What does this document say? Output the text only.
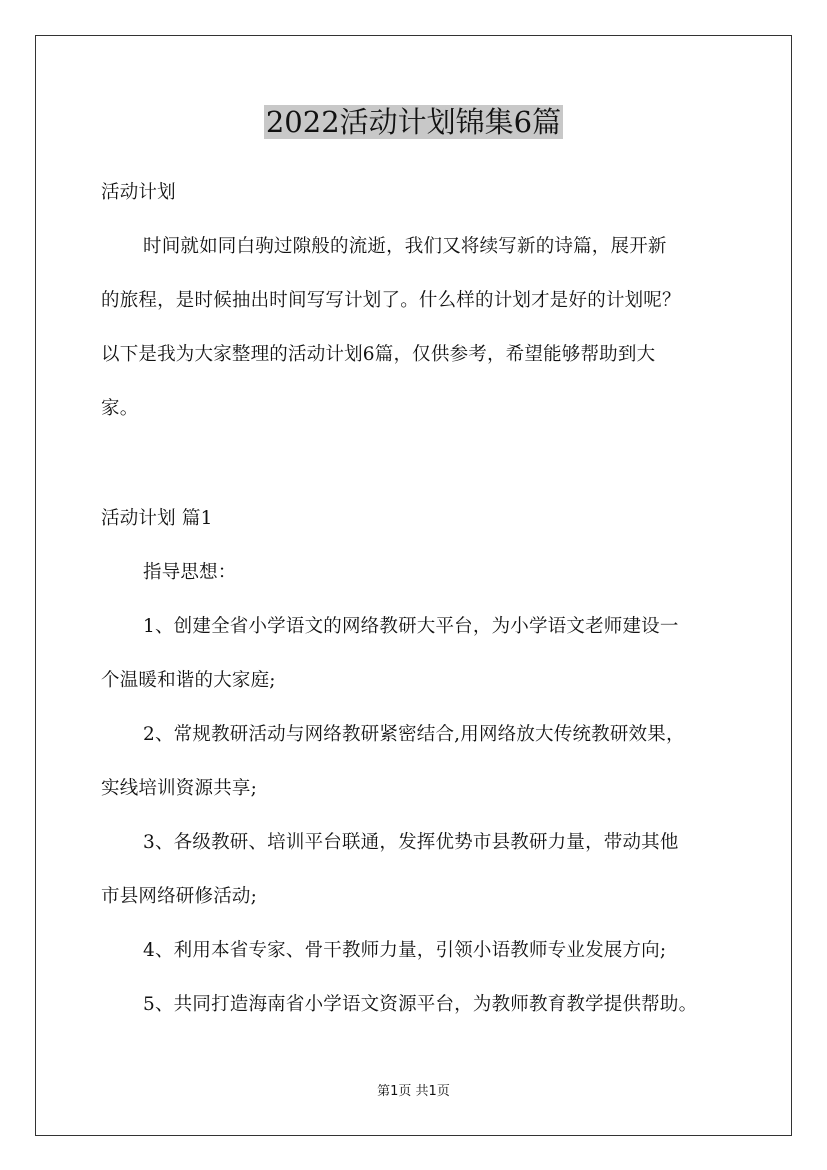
2022活动计划锦集6篇
活动计划
时间就如同白驹过隙般的流逝，我们又将续写新的诗篇，展开新
的旅程，是时候抽出时间写写计划了。什么样的计划才是好的计划呢？
以下是我为大家整理的活动计划6篇，仅供参考，希望能够帮助到大
家。
活动计划 篇1
指导思想：
1、创建全省小学语文的网络教研大平台，为小学语文老师建设一
个温暖和谐的大家庭;
2、常规教研活动与网络教研紧密结合,用网络放大传统教研效果，
实线培训资源共享;
3、各级教研、培训平台联通，发挥优势市县教研力量，带动其他
市县网络研修活动;
4、利用本省专家、骨干教师力量，引领小语教师专业发展方向;
5、共同打造海南省小学语文资源平台，为教师教育教学提供帮助。
第1页 共1页
